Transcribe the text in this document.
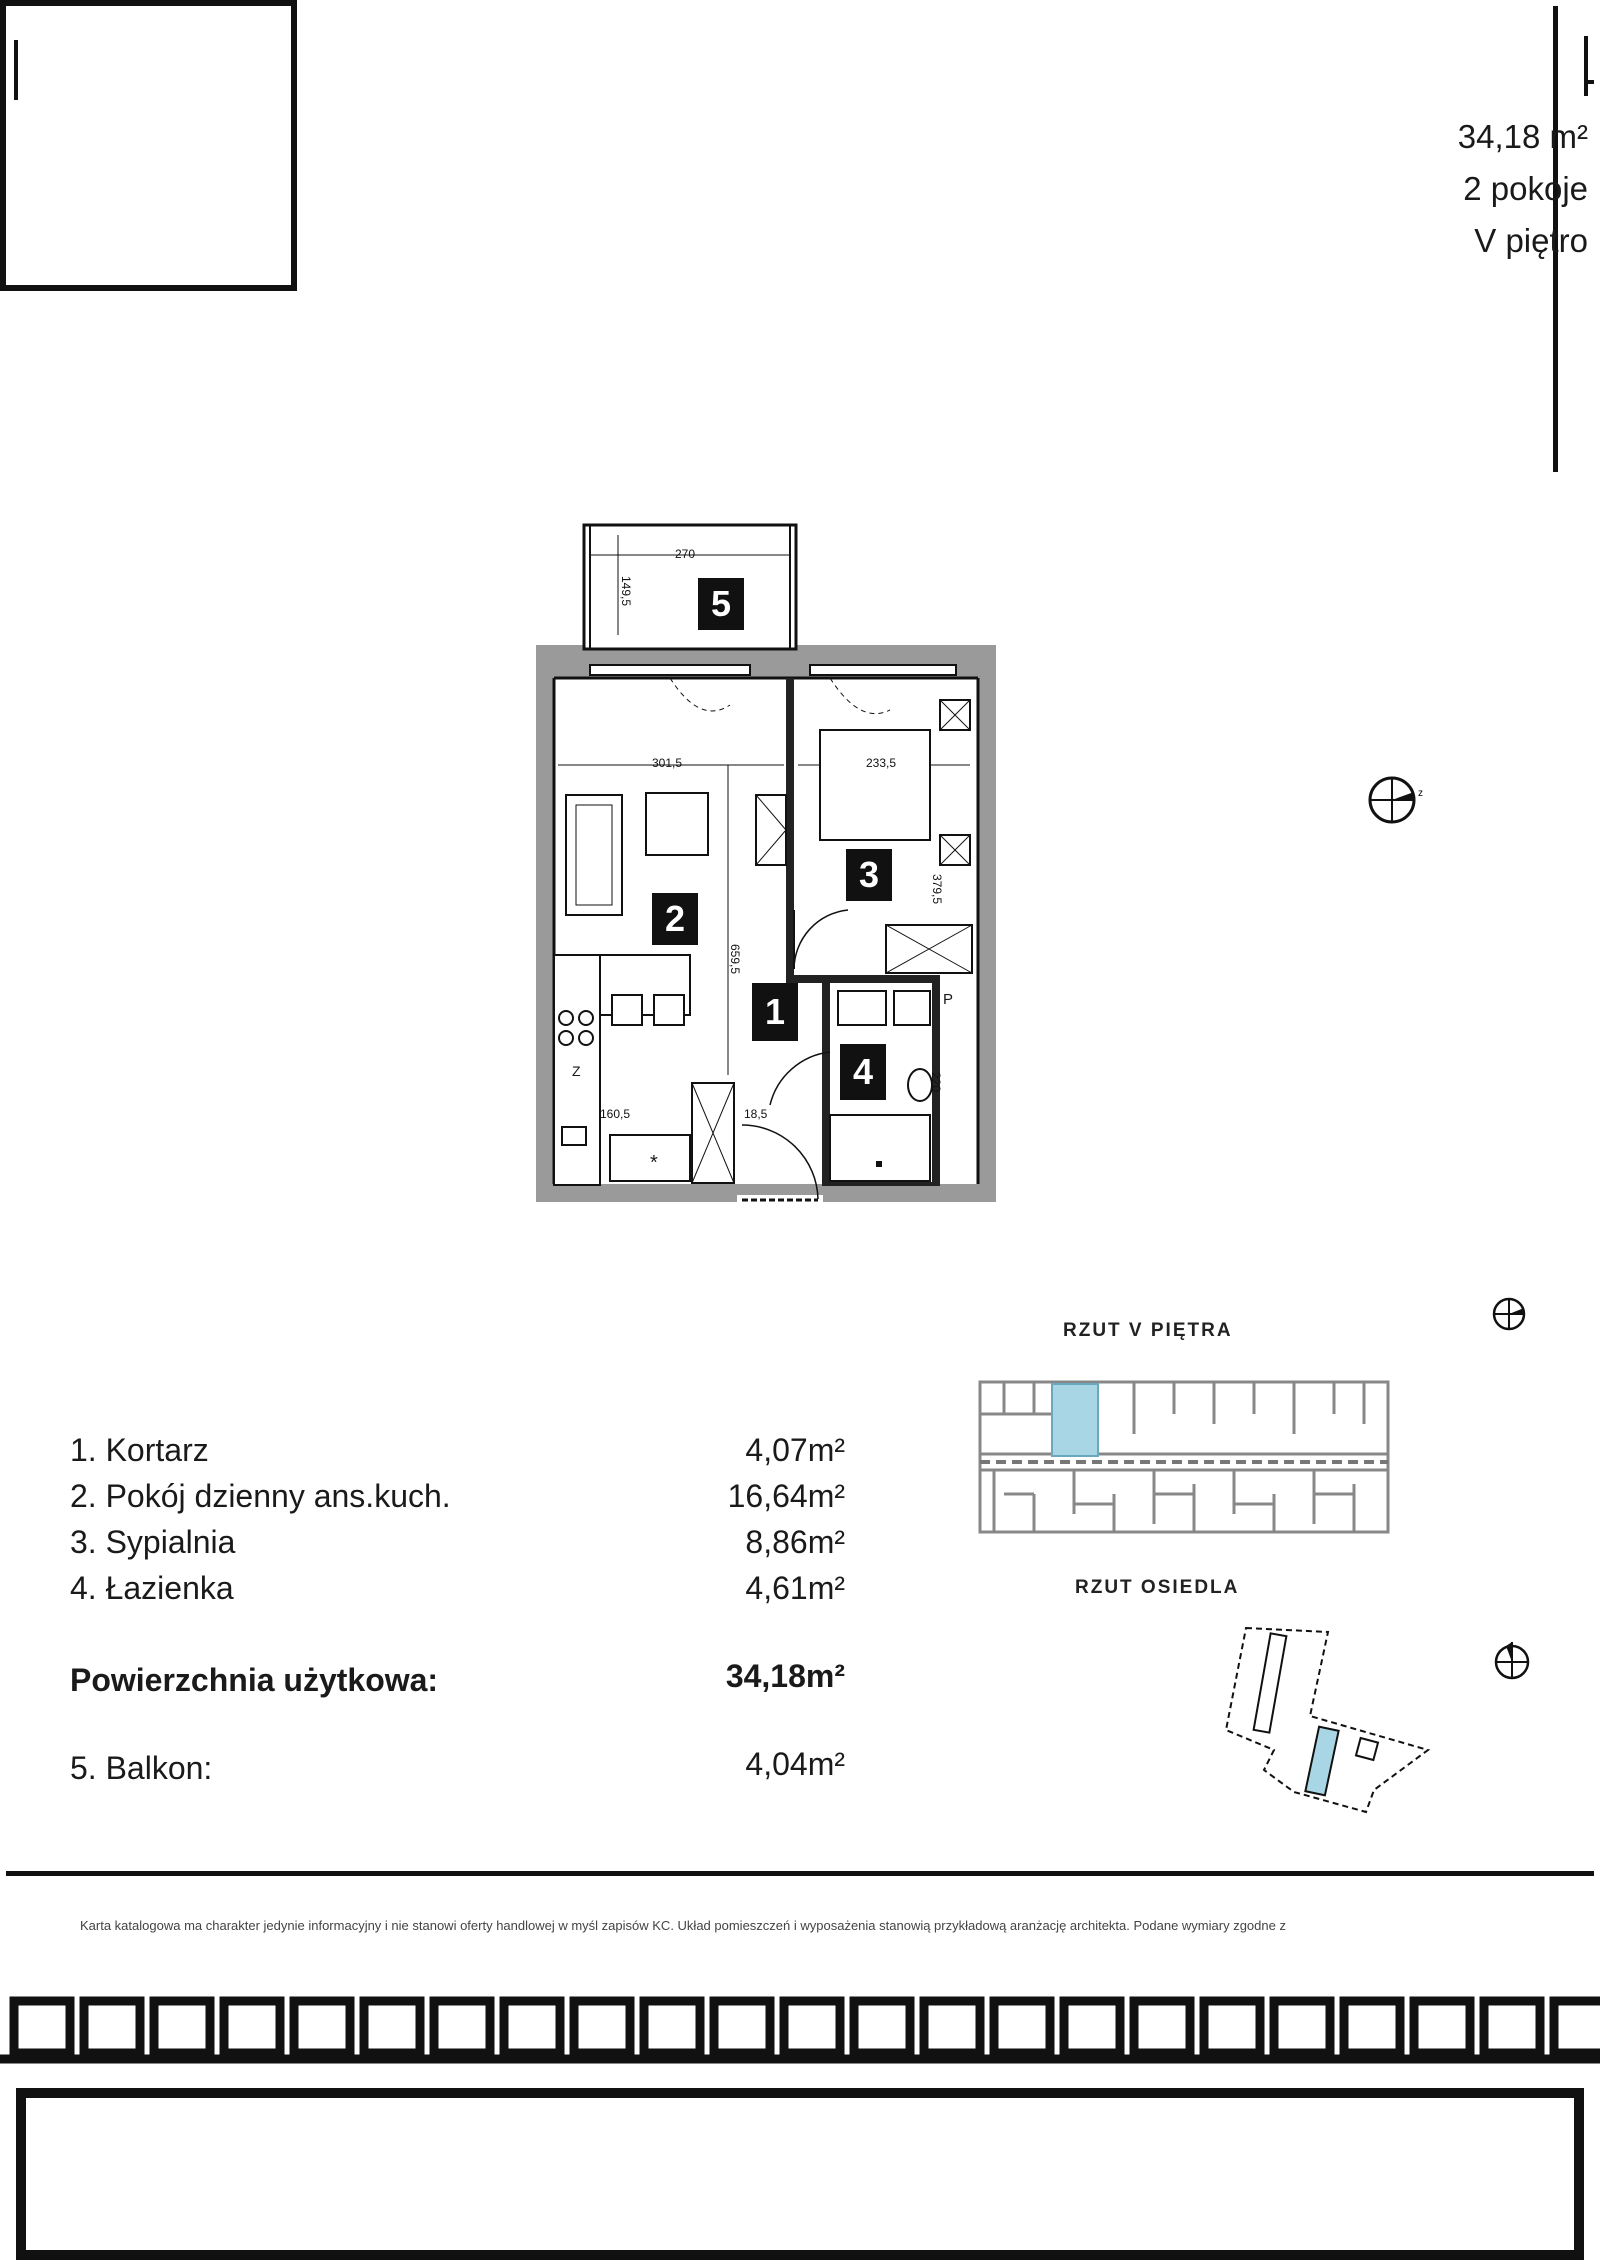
34,18 m²
2 pokoje
V piętro
5
2
3
1
4
270
149,5
301,5	233,5
379,5
659,5
160,5	18,5
220
P
Z
*
z
1. Kortarz	4,07m²
2. Pokój dzienny ans.kuch.	16,64m²
3. Sypialnia	8,86m²
4. Łazienka	4,61m²
Powierzchnia użytkowa:	34,18m²
5. Balkon:	4,04m²
RZUT V PIĘTRA
RZUT OSIEDLA
Karta katalogowa ma charakter jedynie informacyjny i nie stanowi oferty handlowej w myśl zapisów KC. Układ pomieszczeń i wyposażenia stanowią przykładową aranżację architekta. Podane wymiary zgodne z
